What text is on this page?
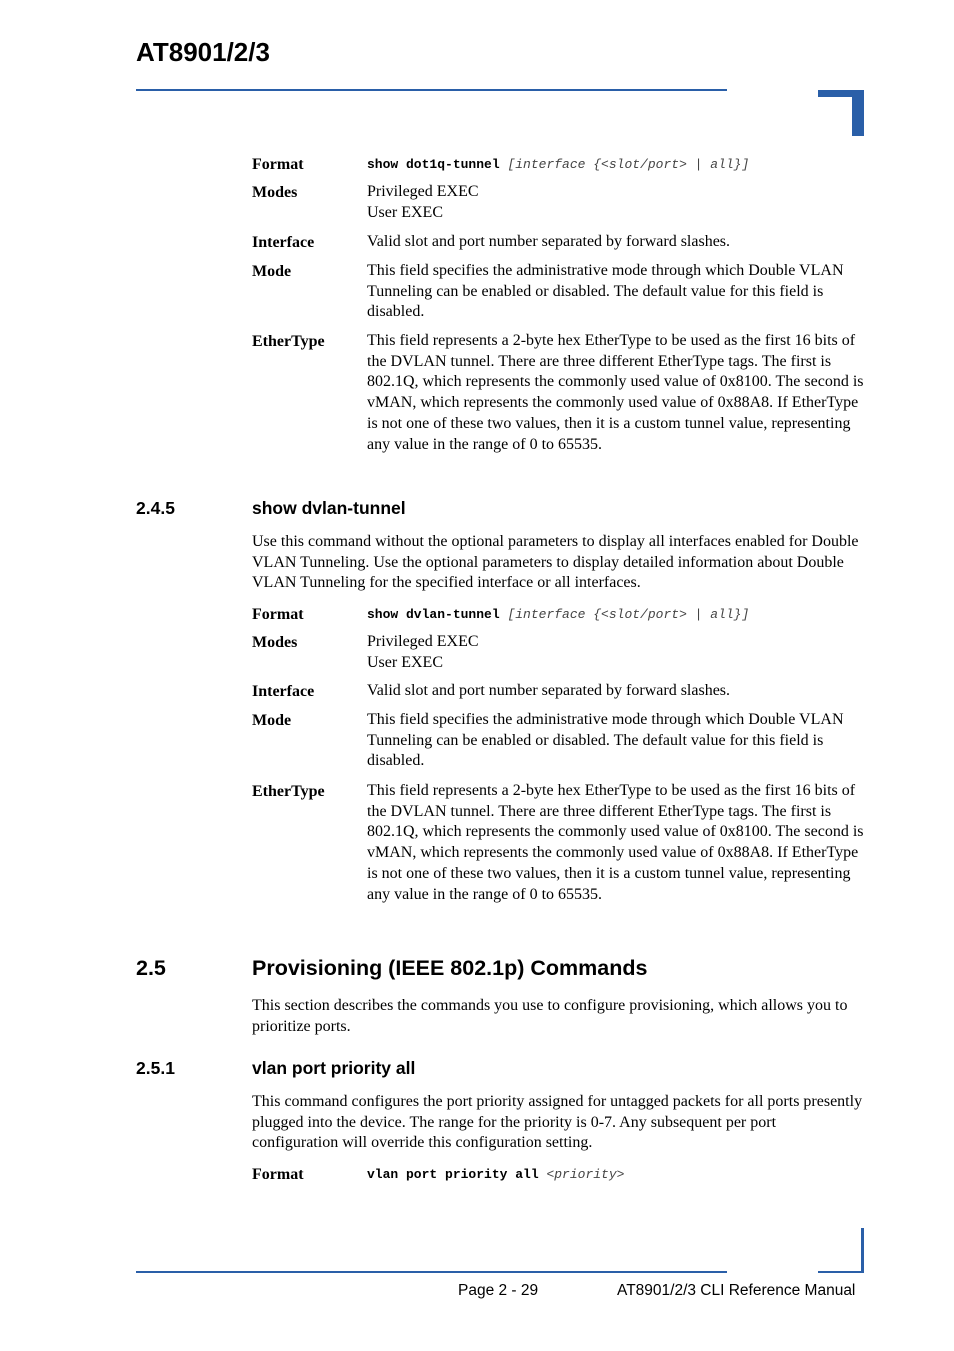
AT8901/2/3
Format	show dot1q-tunnel [interface {<slot/port> | all}]
Modes	Privileged EXEC

User EXEC

Interface	Valid slot and port number separated by forward slashes.
Mode	This field specifies the administrative mode through which Double VLAN Tunneling can be enabled or disabled. The default value for this field is disabled.
EtherType	This field represents a 2-byte hex EtherType to be used as the first 16 bits of the DVLAN tunnel. There are three different EtherType tags. The first is 802.1Q, which represents the commonly used value of 0x8100. The second is vMAN, which represents the commonly used value of 0x88A8. If EtherType is not one of these two values, then it is a custom tunnel value, representing any value in the range of 0 to 65535.
2.4.5	show dvlan-tunnel

Use this command without the optional parameters to display all interfaces enabled for Double VLAN Tunneling. Use the optional parameters to display detailed information about Double VLAN Tunneling for the specified interface or all interfaces.

Format	show dvlan-tunnel [interface {<slot/port> | all}]
Modes	Privileged EXEC

User EXEC

Interface	Valid slot and port number separated by forward slashes.
Mode	This field specifies the administrative mode through which Double VLAN Tunneling can be enabled or disabled. The default value for this field is disabled.
EtherType	This field represents a 2-byte hex EtherType to be used as the first 16 bits of the DVLAN tunnel. There are three different EtherType tags. The first is 802.1Q, which represents the commonly used value of 0x8100. The second is vMAN, which represents the commonly used value of 0x88A8. If EtherType is not one of these two values, then it is a custom tunnel value, representing any value in the range of 0 to 65535.
2.5	Provisioning (IEEE 802.1p) Commands

This section describes the commands you use to configure provisioning, which allows you to prioritize ports.

2.5.1	vlan port priority all

This command configures the port priority assigned for untagged packets for all ports presently plugged into the device. The range for the priority is 0-7. Any subsequent per port configuration will override this configuration setting.

Format	vlan port priority all <priority>
Page 2 - 29	AT8901/2/3 CLI Reference Manual
